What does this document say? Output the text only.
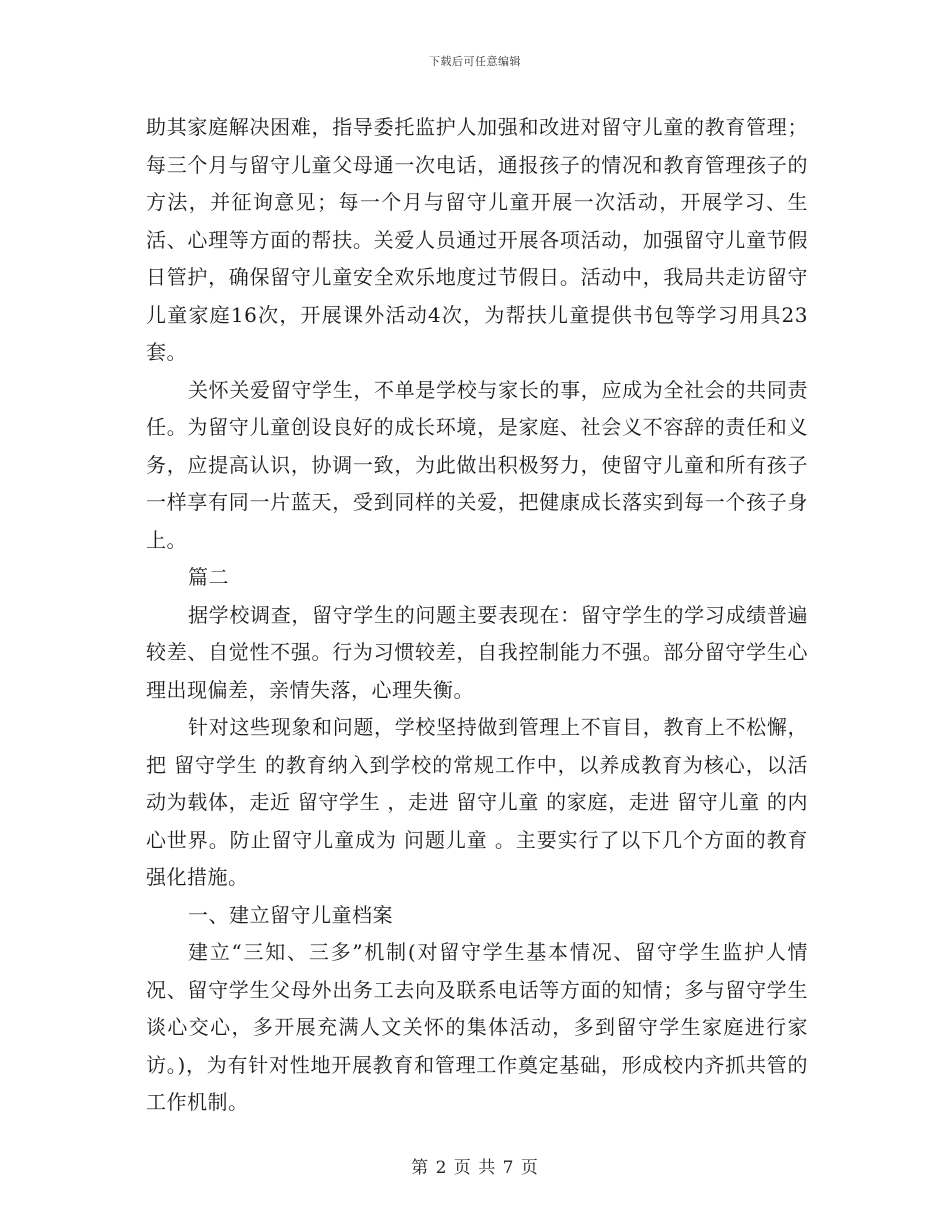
下载后可任意编辑

助其家庭解决困难，指导委托监护人加强和改进对留守儿童的教育管理；每三个月与留守儿童父母通一次电话，通报孩子的情况和教育管理孩子的方法，并征询意见；每一个月与留守儿童开展一次活动，开展学习、生活、心理等方面的帮扶。关爱人员通过开展各项活动，加强留守儿童节假日管护，确保留守儿童安全欢乐地度过节假日。活动中，我局共走访留守儿童家庭16次，开展课外活动4次，为帮扶儿童提供书包等学习用具23套。

关怀关爱留守学生，不单是学校与家长的事，应成为全社会的共同责任。为留守儿童创设良好的成长环境，是家庭、社会义不容辞的责任和义务，应提高认识，协调一致，为此做出积极努力，使留守儿童和所有孩子一样享有同一片蓝天，受到同样的关爱，把健康成长落实到每一个孩子身上。

篇二

据学校调查，留守学生的问题主要表现在：留守学生的学习成绩普遍较差、自觉性不强。行为习惯较差，自我控制能力不强。部分留守学生心理出现偏差，亲情失落，心理失衡。

针对这些现象和问题，学校坚持做到管理上不盲目，教育上不松懈，把 留守学生 的教育纳入到学校的常规工作中，以养成教育为核心，以活动为载体，走近 留守学生 ，走进 留守儿童 的家庭，走进 留守儿童 的内心世界。防止留守儿童成为 问题儿童 。主要实行了以下几个方面的教育强化措施。

一、建立留守儿童档案

建立“三知、三多”机制(对留守学生基本情况、留守学生监护人情况、留守学生父母外出务工去向及联系电话等方面的知情；多与留守学生谈心交心，多开展充满人文关怀的集体活动，多到留守学生家庭进行家访。)，为有针对性地开展教育和管理工作奠定基础，形成校内齐抓共管的工作机制。

第 2 页 共 7 页
